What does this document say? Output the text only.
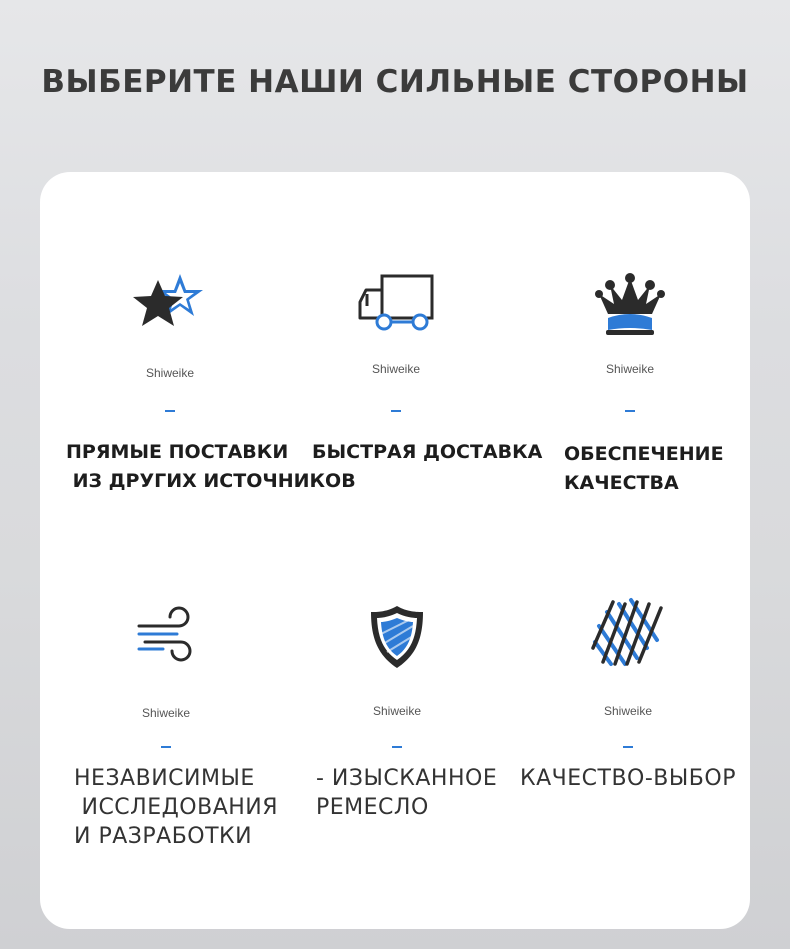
ВЫБЕРИТЕ НАШИ СИЛЬНЫЕ СТОРОНЫ
Shiweike
ПРЯМЫЕ ПОСТАВКИ
ИЗ ДРУГИХ ИСТОЧНИКОВ
Shiweike
БЫСТРАЯ ДОСТАВКА
Shiweike
ОБЕСПЕЧЕНИЕ
КАЧЕСТВА
Shiweike
НЕЗАВИСИМЫЕ
ИССЛЕДОВАНИЯ
И РАЗРАБОТКИ
Shiweike
- ИЗЫСКАННОЕ
РЕМЕСЛО
Shiweike
КАЧЕСТВО-ВЫБОР
